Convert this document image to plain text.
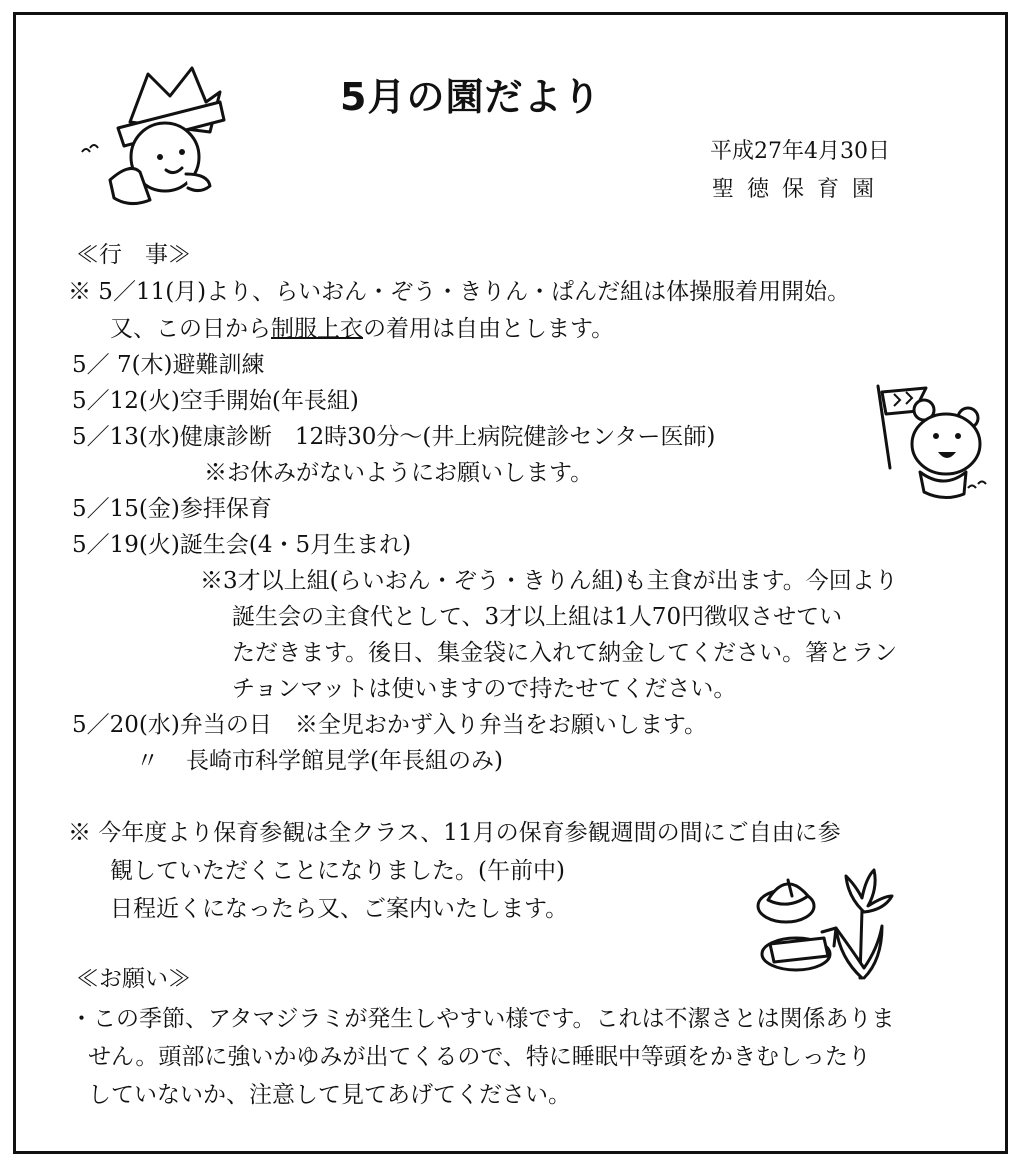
5月の園だより
平成27年4月30日
聖徳保育園
≪行　事≫
※ 5／11(月)より、らいおん・ぞう・きりん・ぱんだ組は体操服着用開始。
又、この日から制服上衣の着用は自由とします。
5／ 7(木)避難訓練
5／12(火)空手開始(年長組)
5／13(水)健康診断　12時30分～(井上病院健診センター医師)
※お休みがないようにお願いします。
5／15(金)参拝保育
5／19(火)誕生会(4・5月生まれ)
※3才以上組(らいおん・ぞう・きりん組)も主食が出ます。今回より
誕生会の主食代として、3才以上組は1人70円徴収させてい
ただきます。後日、集金袋に入れて納金してください。箸とラン
チョンマットは使いますので持たせてください。
5／20(水)弁当の日　※全児おかず入り弁当をお願いします。
〃 長崎市科学館見学(年長組のみ)
※ 今年度より保育参観は全クラス、11月の保育参観週間の間にご自由に参
観していただくことになりました。(午前中)
日程近くになったら又、ご案内いたします。
≪お願い≫
・この季節、アタマジラミが発生しやすい様です。これは不潔さとは関係ありま
せん。頭部に強いかゆみが出てくるので、特に睡眠中等頭をかきむしったり
していないか、注意して見てあげてください。
